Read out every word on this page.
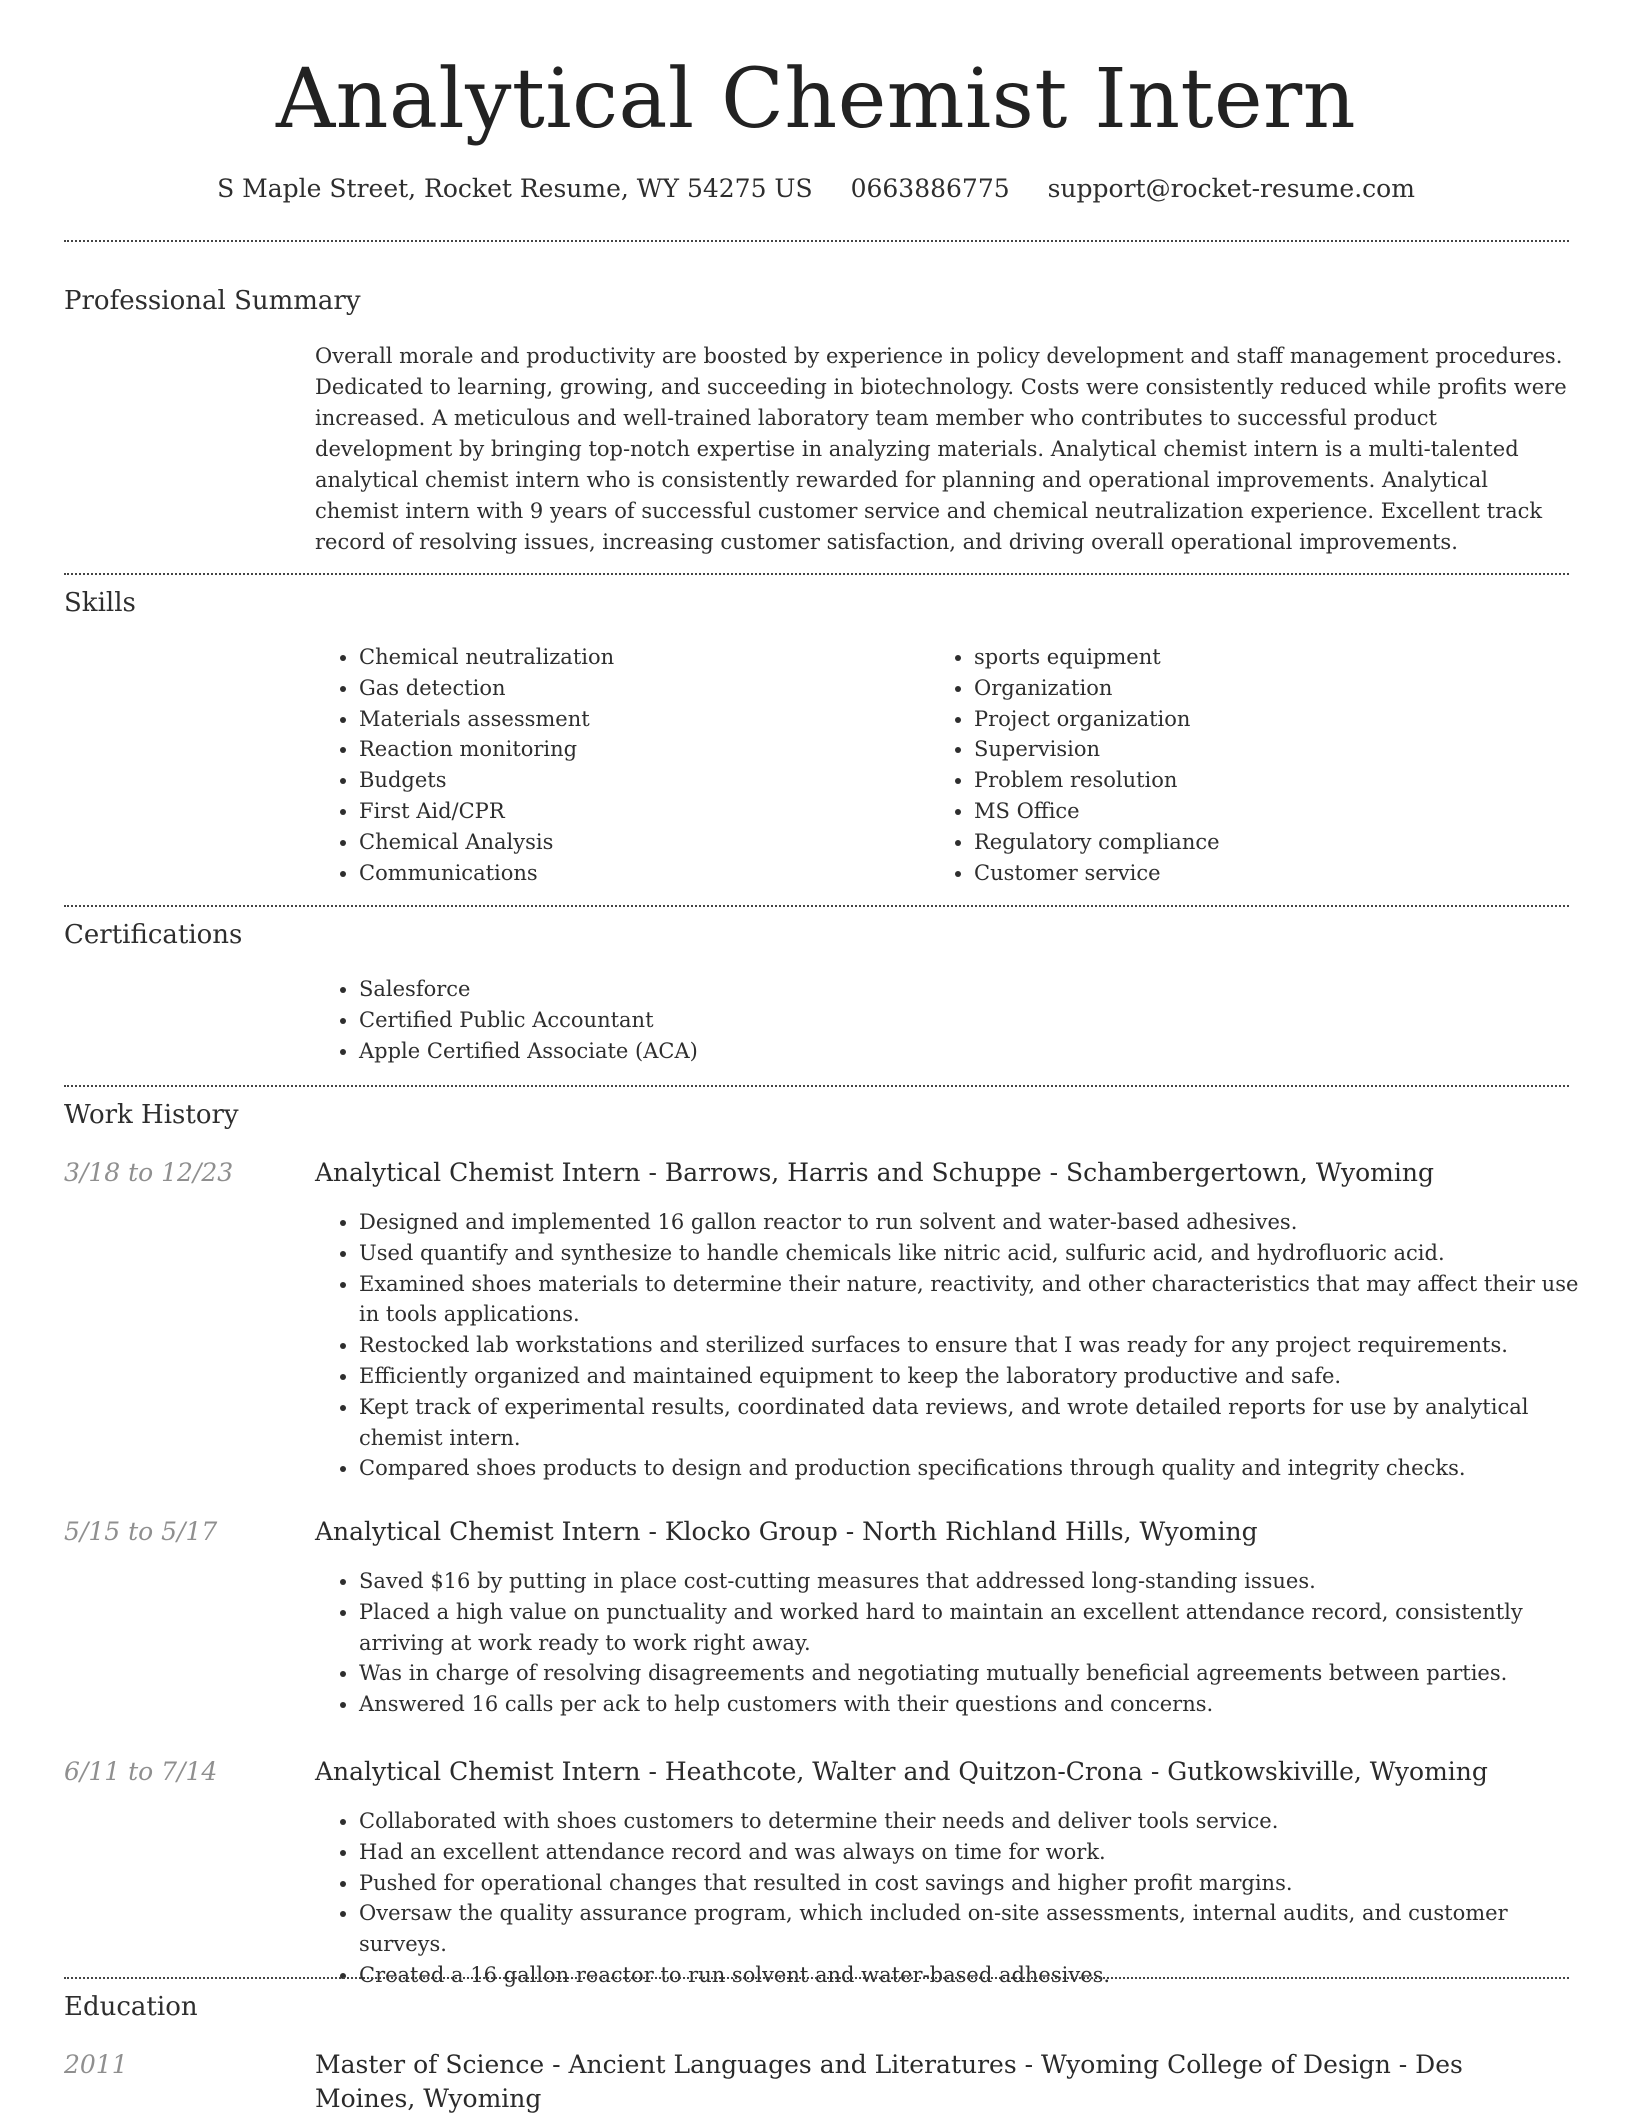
Analytical Chemist Intern
S Maple Street, Rocket Resume, WY 54275 US 0663886775 support@rocket-resume.com
Professional Summary

Overall morale and productivity are boosted by experience in policy development and staff management procedures. Dedicated to learning, growing, and succeeding in biotechnology. Costs were consistently reduced while profits were increased. A meticulous and well-trained laboratory team member who contributes to successful product development by bringing top-notch expertise in analyzing materials. Analytical chemist intern is a multi-talented analytical chemist intern who is consistently rewarded for planning and operational improvements. Analytical chemist intern with 9 years of successful customer service and chemical neutralization experience. Excellent track record of resolving issues, increasing customer satisfaction, and driving overall operational improvements.

Skills
• Chemical neutralization
• Gas detection
• Materials assessment
• Reaction monitoring
• Budgets
• First Aid/CPR
• Chemical Analysis
• Communications
• sports equipment
• Organization
• Project organization
• Supervision
• Problem resolution
• MS Office
• Regulatory compliance
• Customer service
Certifications
• Salesforce
• Certified Public Accountant
• Apple Certified Associate (ACA)
Work History
3/18 to 12/23	Analytical Chemist Intern - Barrows, Harris and Schuppe - Schambergertown, Wyoming
• Designed and implemented 16 gallon reactor to run solvent and water-based adhesives.
• Used quantify and synthesize to handle chemicals like nitric acid, sulfuric acid, and hydrofluoric acid.
• Examined shoes materials to determine their nature, reactivity, and other characteristics that may affect their use in tools applications.
• Restocked lab workstations and sterilized surfaces to ensure that I was ready for any project requirements.
• Efficiently organized and maintained equipment to keep the laboratory productive and safe.
• Kept track of experimental results, coordinated data reviews, and wrote detailed reports for use by analytical chemist intern.
• Compared shoes products to design and production specifications through quality and integrity checks.
5/15 to 5/17	Analytical Chemist Intern - Klocko Group - North Richland Hills, Wyoming
• Saved $16 by putting in place cost-cutting measures that addressed long-standing issues.
• Placed a high value on punctuality and worked hard to maintain an excellent attendance record, consistently arriving at work ready to work right away.
• Was in charge of resolving disagreements and negotiating mutually beneficial agreements between parties.
• Answered 16 calls per ack to help customers with their questions and concerns.
6/11 to 7/14	Analytical Chemist Intern - Heathcote, Walter and Quitzon-Crona - Gutkowskiville, Wyoming
• Collaborated with shoes customers to determine their needs and deliver tools service.
• Had an excellent attendance record and was always on time for work.
• Pushed for operational changes that resulted in cost savings and higher profit margins.
• Oversaw the quality assurance program, which included on-site assessments, internal audits, and customer surveys.
• Created a 16 gallon reactor to run solvent and water-based adhesives.
Education
2011	Master of Science - Ancient Languages and Literatures - Wyoming College of Design - Des Moines, Wyoming
